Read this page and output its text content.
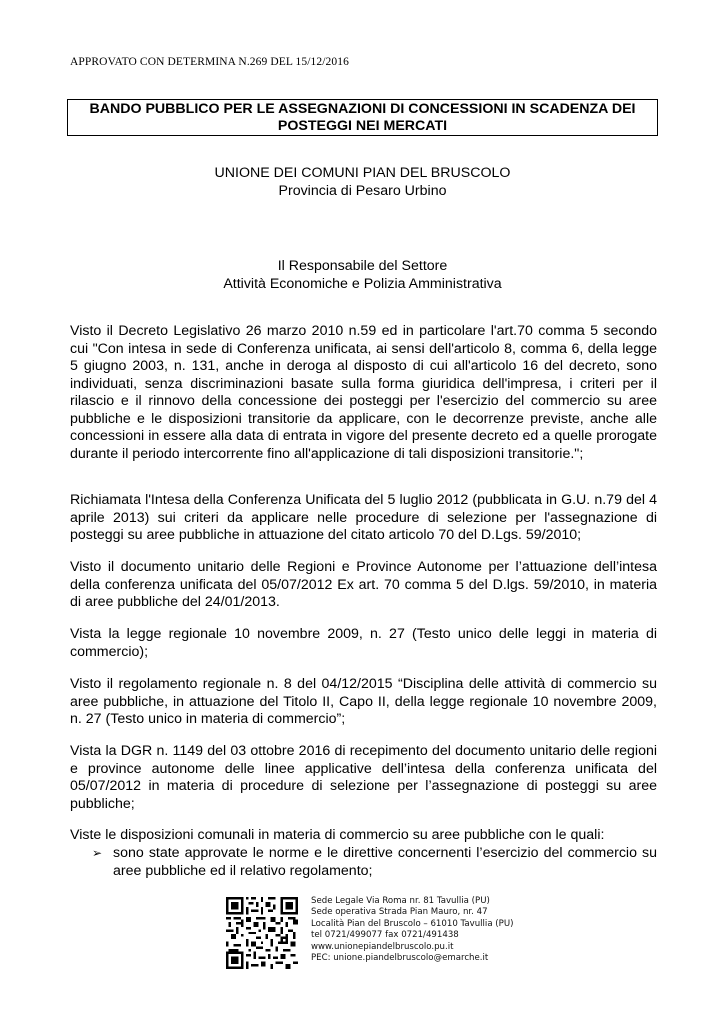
APPROVATO CON DETERMINA N.269 DEL 15/12/2016
BANDO PUBBLICO PER LE ASSEGNAZIONI DI CONCESSIONI IN SCADENZA DEI
POSTEGGI NEI MERCATI
UNIONE DEI COMUNI PIAN DEL BRUSCOLO
Provincia di Pesaro Urbino
Il Responsabile del Settore
Attività Economiche e Polizia Amministrativa

Visto il Decreto Legislativo 26 marzo 2010 n.59 ed in particolare l'art.70 comma 5 secondo cui "Con intesa in sede di Conferenza unificata, ai sensi dell'articolo 8, comma 6, della legge 5 giugno 2003, n. 131, anche in deroga al disposto di cui all'articolo 16 del decreto, sono individuati, senza discriminazioni basate sulla forma giuridica dell'impresa, i criteri per il rilascio e il rinnovo della concessione dei posteggi per l'esercizio del commercio su aree pubbliche e le disposizioni transitorie da applicare, con le decorrenze previste, anche alle concessioni in essere alla data di entrata in vigore del presente decreto ed a quelle prorogate durante il periodo intercorrente fino all'applicazione di tali disposizioni transitorie.";

Richiamata l'Intesa della Conferenza Unificata del 5 luglio 2012 (pubblicata in G.U. n.79 del 4 aprile 2013) sui criteri da applicare nelle procedure di selezione per l'assegnazione di posteggi su aree pubbliche in attuazione del citato articolo 70 del D.Lgs. 59/2010;

Visto il documento unitario delle Regioni e Province Autonome per l’attuazione dell’intesa della conferenza unificata del 05/07/2012 Ex art. 70 comma 5 del D.lgs. 59/2010, in materia di aree pubbliche del 24/01/2013.

Vista la legge regionale 10 novembre 2009, n. 27 (Testo unico delle leggi in materia di commercio);

Visto il regolamento regionale n. 8 del 04/12/2015 “Disciplina delle attività di commercio su aree pubbliche, in attuazione del Titolo II, Capo II, della legge regionale 10 novembre 2009, n. 27 (Testo unico in materia di commercio”;

Vista la DGR n. 1149 del 03 ottobre 2016 di recepimento del documento unitario delle regioni e province autonome delle linee applicative dell’intesa della conferenza unificata del 05/07/2012 in materia di procedure di selezione per l’assegnazione di posteggi su aree pubbliche;

Viste le disposizioni comunali in materia di commercio su aree pubbliche con le quali:

➢ sono state approvate le norme e le direttive concernenti l’esercizio del commercio su aree pubbliche ed il relativo regolamento;
Sede Legale Via Roma nr. 81 Tavullia (PU)
Sede operativa Strada Pian Mauro, nr. 47
Località Pian del Bruscolo – 61010 Tavullia (PU)
tel 0721/499077 fax 0721/491438
www.unionepiandelbruscolo.pu.it
PEC: unione.piandelbruscolo@emarche.it
